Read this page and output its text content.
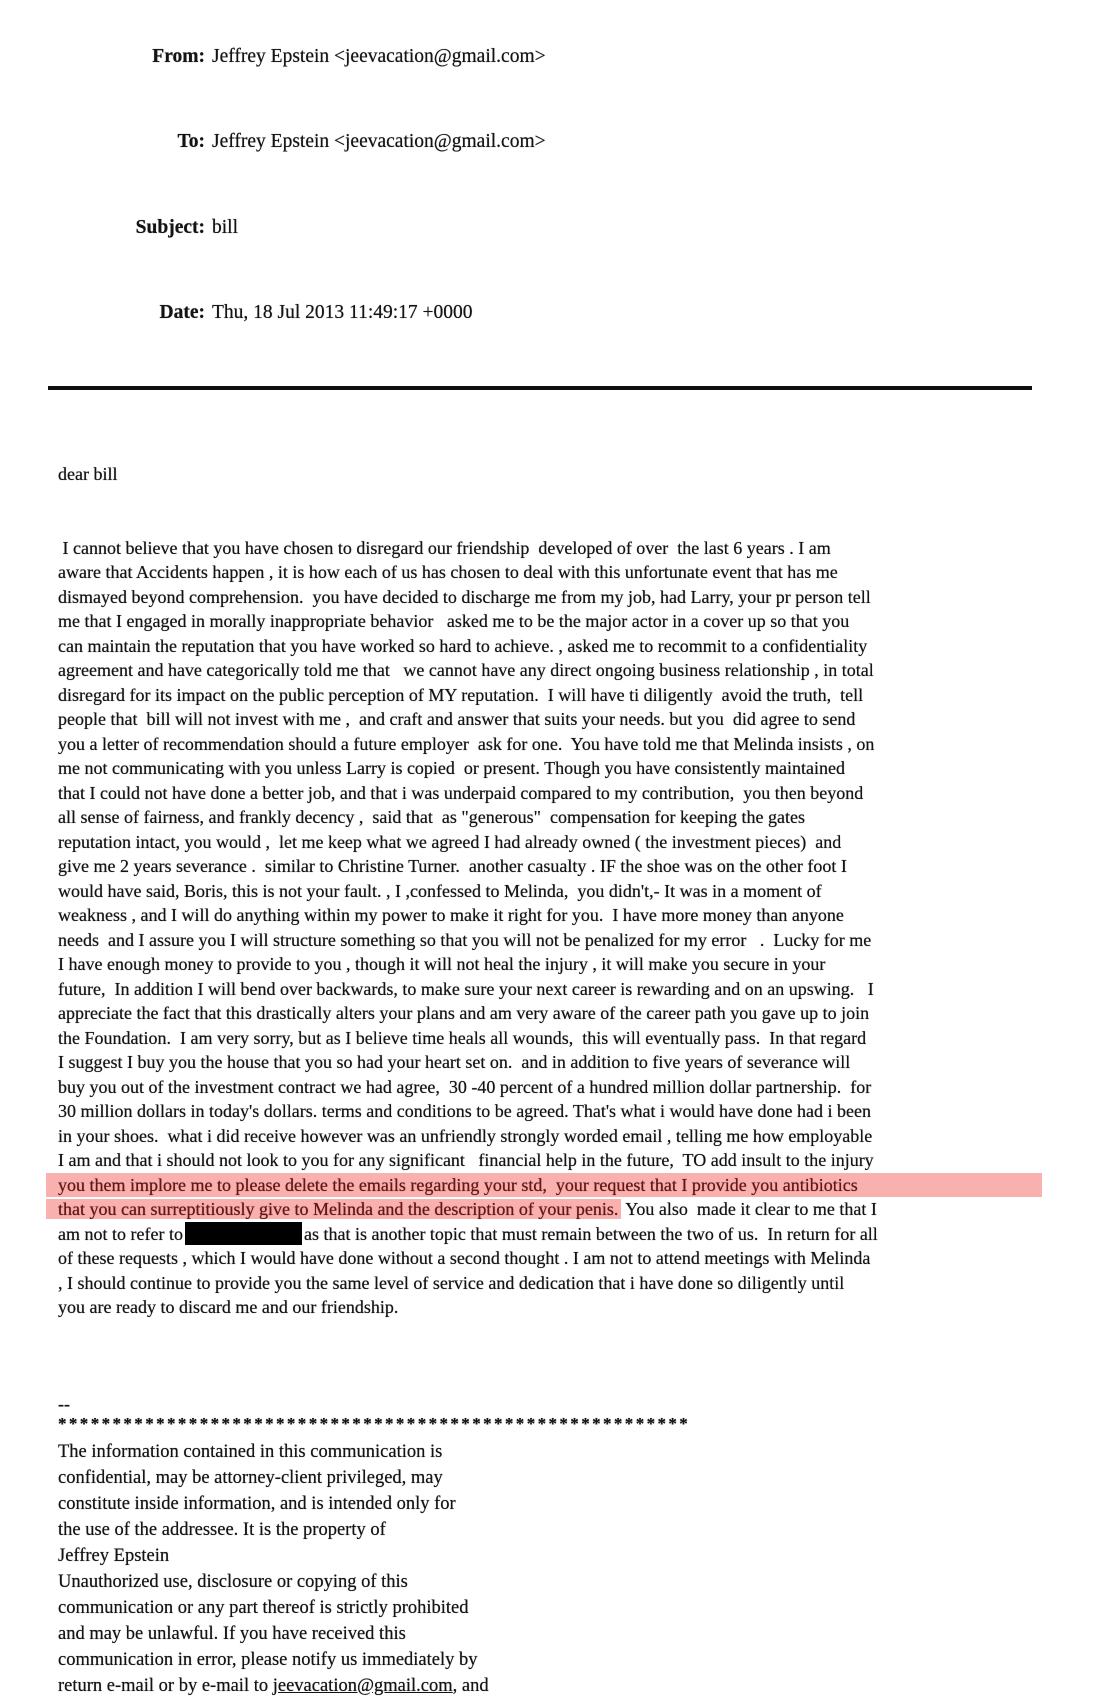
From: Jeffrey Epstein <jeevacation@gmail.com>

To: Jeffrey Epstein <jeevacation@gmail.com>

Subject: bill

Date: Thu, 18 Jul 2013 11:49:17 +0000

dear bill

I cannot believe that you have chosen to disregard our friendship  developed of over  the last 6 years . I am
aware that Accidents happen , it is how each of us has chosen to deal with this unfortunate event that has me
dismayed beyond comprehension.  you have decided to discharge me from my job, had Larry, your pr person tell
me that I engaged in morally inappropriate behavior   asked me to be the major actor in a cover up so that you
can maintain the reputation that you have worked so hard to achieve. , asked me to recommit to a confidentiality
agreement and have categorically told me that   we cannot have any direct ongoing business relationship , in total
disregard for its impact on the public perception of MY reputation.  I will have ti diligently  avoid the truth,  tell
people that  bill will not invest with me ,  and craft and answer that suits your needs. but you  did agree to send
you a letter of recommendation should a future employer  ask for one.  You have told me that Melinda insists , on
me not communicating with you unless Larry is copied  or present. Though you have consistently maintained
that I could not have done a better job, and that i was underpaid compared to my contribution,  you then beyond
all sense of fairness, and frankly decency ,  said that  as "generous"  compensation for keeping the gates
reputation intact, you would ,  let me keep what we agreed I had already owned ( the investment pieces)  and
give me 2 years severance .  similar to Christine Turner.  another casualty . IF the shoe was on the other foot I
would have said, Boris, this is not your fault. , I ,confessed to Melinda,  you didn't,- It was in a moment of
weakness , and I will do anything within my power to make it right for you.  I have more money than anyone
needs  and I assure you I will structure something so that you will not be penalized for my error   .  Lucky for me
I have enough money to provide to you , though it will not heal the injury , it will make you secure in your
future,  In addition I will bend over backwards, to make sure your next career is rewarding and on an upswing.   I
appreciate the fact that this drastically alters your plans and am very aware of the career path you gave up to join
the Foundation.  I am very sorry, but as I believe time heals all wounds,  this will eventually pass.  In that regard
I suggest I buy you the house that you so had your heart set on.  and in addition to five years of severance will
buy you out of the investment contract we had agree,  30 -40 percent of a hundred million dollar partnership.  for
30 million dollars in today's dollars. terms and conditions to be agreed. That's what i would have done had i been
in your shoes.  what i did receive however was an unfriendly strongly worded email , telling me how employable
I am and that i should not look to you for any significant   financial help in the future,  TO add insult to the injury
you them implore me to please delete the emails regarding your std,  your request that I provide you antibiotics
that you can surreptitiously give to Melinda and the description of your penis. You also  made it clear to me that I
am not to refer to	as that is another topic that must remain between the two of us.  In return for all
of these requests , which I would have done without a second thought . I am not to attend meetings with Melinda
, I should continue to provide you the same level of service and dedication that i have done so diligently until
you are ready to discard me and our friendship.

--
**********************************************************
The information contained in this communication is
confidential, may be attorney-client privileged, may
constitute inside information, and is intended only for
the use of the addressee. It is the property of
Jeffrey Epstein
Unauthorized use, disclosure or copying of this
communication or any part thereof is strictly prohibited
and may be unlawful. If you have received this
communication in error, please notify us immediately by
return e-mail or by e-mail to jeevacation@gmail.com, and
